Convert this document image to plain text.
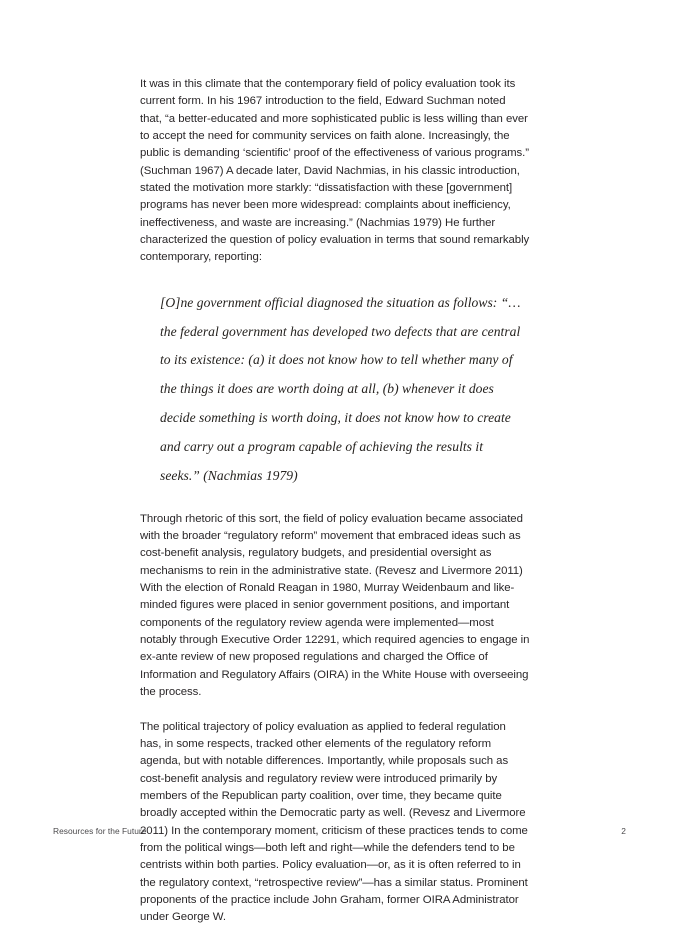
It was in this climate that the contemporary field of policy evaluation took its current form. In his 1967 introduction to the field, Edward Suchman noted that, “a better-educated and more sophisticated public is less willing than ever to accept the need for community services on faith alone. Increasingly, the public is demanding ‘scientific’ proof of the effectiveness of various programs.” (Suchman 1967) A decade later, David Nachmias, in his classic introduction, stated the motivation more starkly: “dissatisfaction with these [government] programs has never been more widespread: complaints about inefficiency, ineffectiveness, and waste are increasing.” (Nachmias 1979) He further characterized the question of policy evaluation in terms that sound remarkably contemporary, reporting:

[O]ne government official diagnosed the situation as follows: “…the federal government has developed two defects that are central to its existence: (a) it does not know how to tell whether many of the things it does are worth doing at all, (b) whenever it does decide something is worth doing, it does not know how to create and carry out a program capable of achieving the results it seeks.” (Nachmias 1979)

Through rhetoric of this sort, the field of policy evaluation became associated with the broader “regulatory reform” movement that embraced ideas such as cost-benefit analysis, regulatory budgets, and presidential oversight as mechanisms to rein in the administrative state. (Revesz and Livermore 2011) With the election of Ronald Reagan in 1980, Murray Weidenbaum and like-minded figures were placed in senior government positions, and important components of the regulatory review agenda were implemented—most notably through Executive Order 12291, which required agencies to engage in ex-ante review of new proposed regulations and charged the Office of Information and Regulatory Affairs (OIRA) in the White House with overseeing the process.

The political trajectory of policy evaluation as applied to federal regulation has, in some respects, tracked other elements of the regulatory reform agenda, but with notable differences. Importantly, while proposals such as cost-benefit analysis and regulatory review were introduced primarily by members of the Republican party coalition, over time, they became quite broadly accepted within the Democratic party as well. (Revesz and Livermore 2011) In the contemporary moment, criticism of these practices tends to come from the political wings—both left and right—while the defenders tend to be centrists within both parties. Policy evaluation—or, as it is often referred to in the regulatory context, “retrospective review”—has a similar status. Prominent proponents of the practice include John Graham, former OIRA Administrator under George W.

Resources for the Future	2
